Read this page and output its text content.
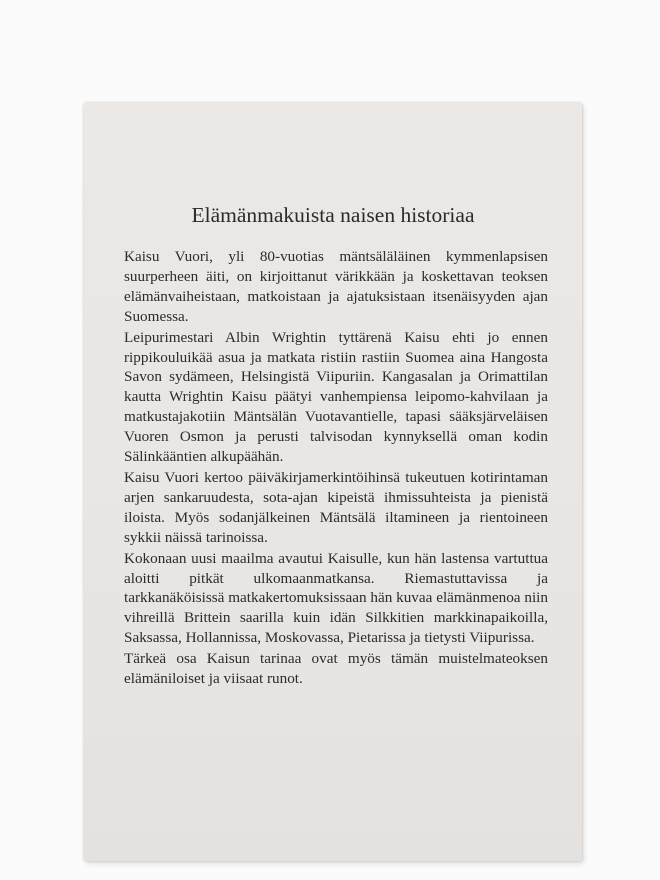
Elämänmakuista naisen historiaa

Kaisu Vuori, yli 80-vuotias mäntsäläläinen kymmenlapsisen suurperheen äiti, on kirjoittanut värikkään ja koskettavan teoksen elämänvaiheistaan, matkoistaan ja ajatuksistaan itsenäisyyden ajan Suomessa.

Leipurimestari Albin Wrightin tyttärenä Kaisu ehti jo ennen rippikouluikää asua ja matkata ristiin rastiin Suomea aina Hangosta Savon sydämeen, Helsingistä Viipuriin. Kangasalan ja Orimattilan kautta Wrightin Kaisu päätyi vanhempiensa leipomo-kahvilaan ja matkustajakotiin Mäntsälän Vuotavantielle, tapasi sääksjärveläisen Vuoren Osmon ja perusti talvisodan kynnyksellä oman kodin Sälinkääntien alkupäähän.

Kaisu Vuori kertoo päiväkirjamerkintöihinsä tukeutuen kotirintaman arjen sankaruudesta, sota-ajan kipeistä ihmissuhteista ja pienistä iloista. Myös sodanjälkeinen Mäntsälä iltamineen ja rientoineen sykkii näissä tarinoissa.

Kokonaan uusi maailma avautui Kaisulle, kun hän lastensa vartuttua aloitti pitkät ulkomaanmatkansa. Riemastuttavissa ja tarkkanäköisissä matkakertomuksissaan hän kuvaa elämänmenoa niin vihreillä Brittein saarilla kuin idän Silkkitien markkinapaikoilla, Saksassa, Hollannissa, Moskovassa, Pietarissa ja tietysti Viipurissa.

Tärkeä osa Kaisun tarinaa ovat myös tämän muistelmateoksen elämäniloiset ja viisaat runot.
